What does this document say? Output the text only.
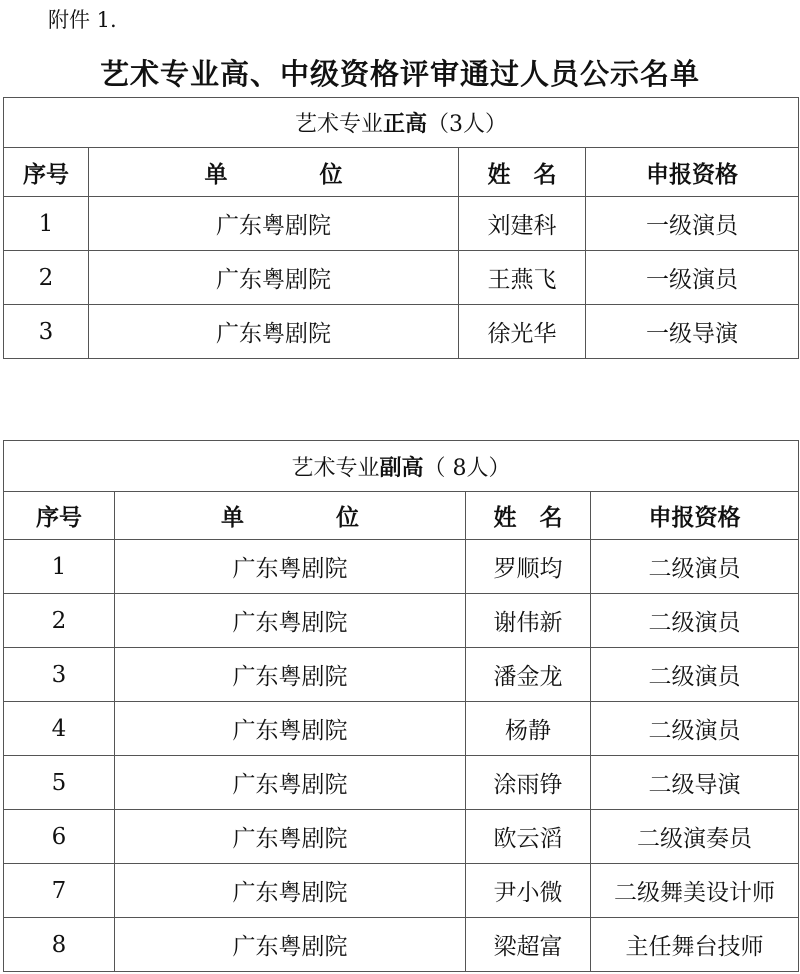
附件 1.
艺术专业高、中级资格评审通过人员公示名单
艺术专业正高（3人）			
序号	单　　　　位	姓　名	申报资格
1	广东粤剧院	刘建科	一级演员
2	广东粤剧院	王燕飞	一级演员
3	广东粤剧院	徐光华	一级导演
艺术专业副高（ 8人）			
序号	单　　　　位	姓　名	申报资格
1	广东粤剧院	罗顺均	二级演员
2	广东粤剧院	谢伟新	二级演员
3	广东粤剧院	潘金龙	二级演员
4	广东粤剧院	杨静	二级演员
5	广东粤剧院	涂雨铮	二级导演
6	广东粤剧院	欧云滔	二级演奏员
7	广东粤剧院	尹小微	二级舞美设计师
8	广东粤剧院	梁超富	主任舞台技师
